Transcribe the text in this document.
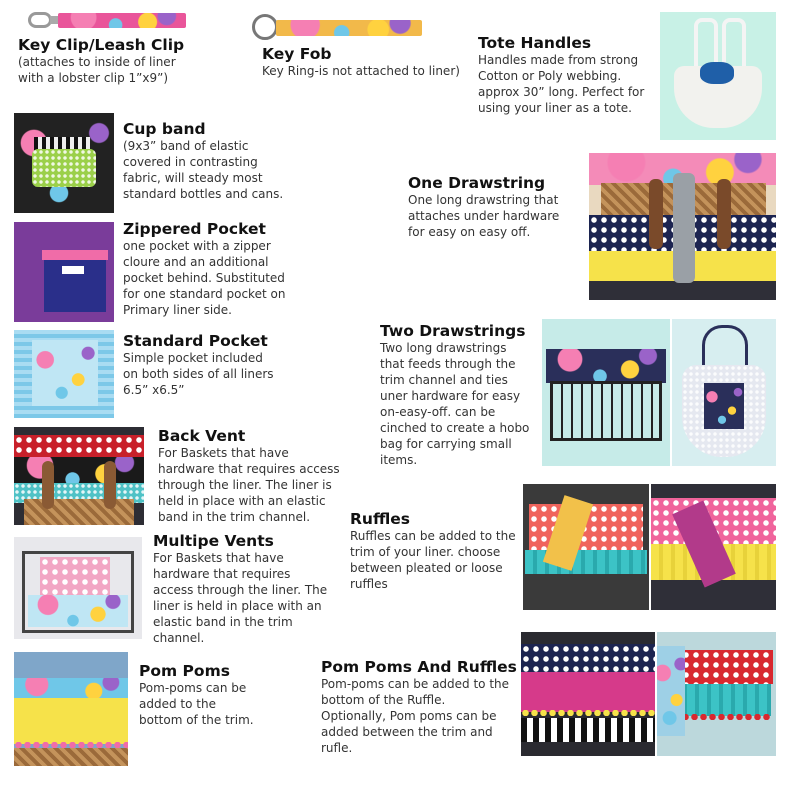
Key Clip/Leash Clip
(attaches to inside of liner
with a lobster clip 1”x9”)
Key Fob
Key Ring-is not attached to liner)
Tote Handles
Handles made from strong
Cotton or Poly webbing.
approx 30” long. Perfect for
using your liner as a tote.
Cup band
(9x3” band of elastic
covered in contrasting
fabric, will steady most
standard bottles and cans.
One Drawstring
One long drawstring that
attaches under hardware
for easy on easy off.
Zippered Pocket
one pocket with a zipper
cloure and an additional
pocket behind. Substituted
for one standard pocket on
Primary liner side.
Standard Pocket
Simple pocket included
on both sides of all liners
6.5” x6.5”
Two Drawstrings
Two long drawstrings
that feeds through the
trim channel and ties
uner hardware for easy
on-easy-off. can be
cinched to create a hobo
bag for carrying small
items.
Back Vent
For Baskets that have
hardware that requires access
through the liner. The liner is
held in place with an elastic
band in the trim channel.	Ruffles
Ruffles can be added to the
trim of your liner. choose
between pleated or loose
ruffles
Multipe Vents
For Baskets that have
hardware that requires
access through the liner. The
liner is held in place with an
elastic band in the trim
channel.
Pom Poms
Pom-poms can be
added to the
bottom of the trim.
Pom Poms And Ruffles
Pom-poms can be added to the
bottom of the Ruffle.
Optionally, Pom poms can be
added between the trim and
rufle.
